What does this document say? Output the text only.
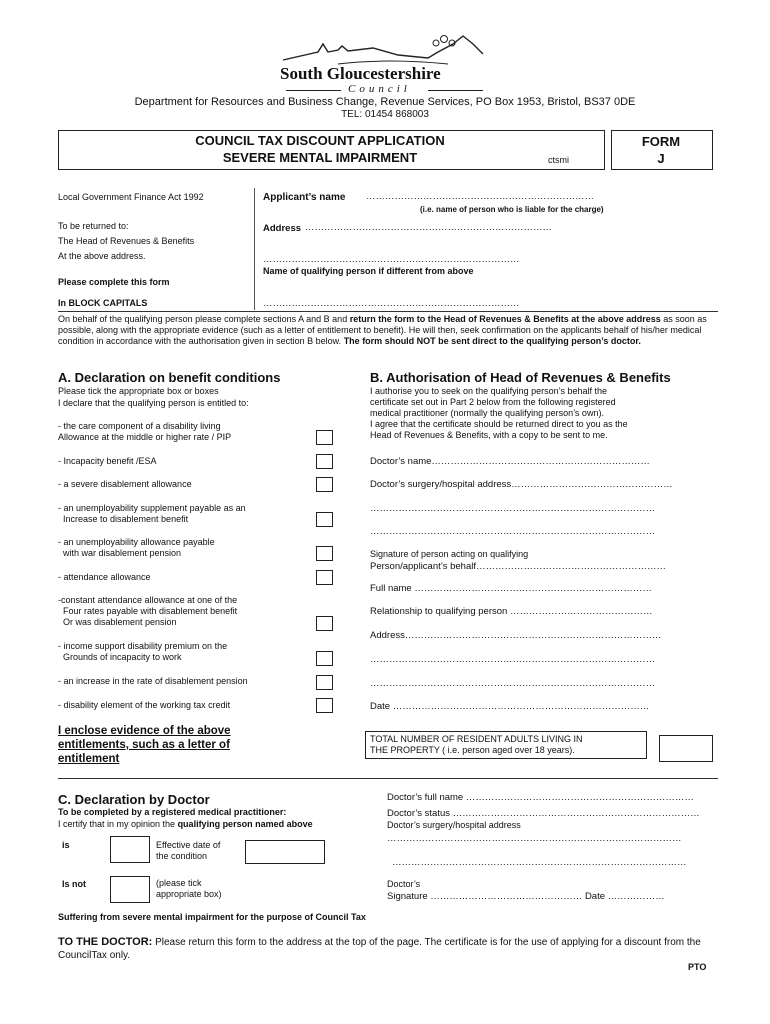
South Gloucestershire
Council
Department for Resources and Business Change, Revenue Services, PO Box 1953, Bristol, BS37 0DE
TEL: 01454 868003
COUNCIL TAX DISCOUNT APPLICATION
SEVERE MENTAL IMPAIRMENT	ctsmi
FORM
J
Local Government Finance Act 1992
To be returned to:
The Head of Revenues & Benefits
At the above address.
Please complete this form
In BLOCK CAPITALS
Applicant’s name ………………………………………………………………
(i.e. name of person who is liable for the charge)
Address ……………………………………………………………………
………………………………………………………………………
Name of qualifying person if different from above
………………………………………………………………………
On behalf of the qualifying person please complete sections A and B and return the form to the Head of Revenues & Benefits at the above address as soon as possible, along with the appropriate evidence (such as a letter of entitlement to benefit). He will then, seek confirmation on the applicants behalf of his/her medical condition in accordance with the authorisation given in section B below. The form should NOT be sent direct to the qualifying person’s doctor.
A. Declaration on benefit conditions
Please tick the appropriate box or boxes
I declare that the qualifying person is entitled to:
- the care component of a disability living
Allowance at the middle or higher rate / PIP
- Incapacity benefit /ESA
- a severe disablement allowance
- an unemployability supplement payable as an
Increase to disablement benefit
- an unemployability allowance payable
with war disablement pension
- attendance allowance
-constant attendance allowance at one of the
Four rates payable with disablement benefit
Or was disablement pension
- income support disability premium on the
Grounds of incapacity to work
- an increase in the rate of disablement pension
- disability element of the working tax credit
I enclose evidence of the above
entitlements, such as a letter of
entitlement
B. Authorisation of Head of Revenues & Benefits
I authorise you to seek on the qualifying person’s behalf the
certificate set out in Part 2 below from the following registered
medical practitioner (normally the qualifying person’s own).
I agree that the certificate should be returned direct to you as the
Head of Revenues & Benefits, with a copy to be sent to me.
Doctor’s name……………………………………………………………
Doctor’s surgery/hospital address……………………………………………
………………………………………………………………………………
………………………………………………………………………………
Signature of person acting on qualifying
Person/applicant’s behalf……………………………………………………
Full name …………………………………………………………………
Relationship to qualifying person ………………………………………
Address………………………………………………………………………
………………………………………………………………………………
………………………………………………………………………………
Date ………………………………………………………………………
TOTAL NUMBER OF RESIDENT ADULTS LIVING IN
THE PROPERTY ( i.e. person aged over 18 years).
C. Declaration by Doctor
To be completed by a registered medical practitioner:
I certify that in my opinion the qualifying person named above
is	Effective date of
the condition
Is not	(please tick
appropriate box)
Doctor’s full name ………………………………………………………………
Doctor’s status ……………………………………………………………………
Doctor’s surgery/hospital address
…………………………………………………………………………………
…………………………………………………………………………………
Doctor’s
Signature ………………………………………… Date ………………
Suffering from severe mental impairment for the purpose of Council Tax
TO THE DOCTOR: Please return this form to the address at the top of the page. The certificate is for the use of applying for a discount from the CouncilTax only.
PTO
